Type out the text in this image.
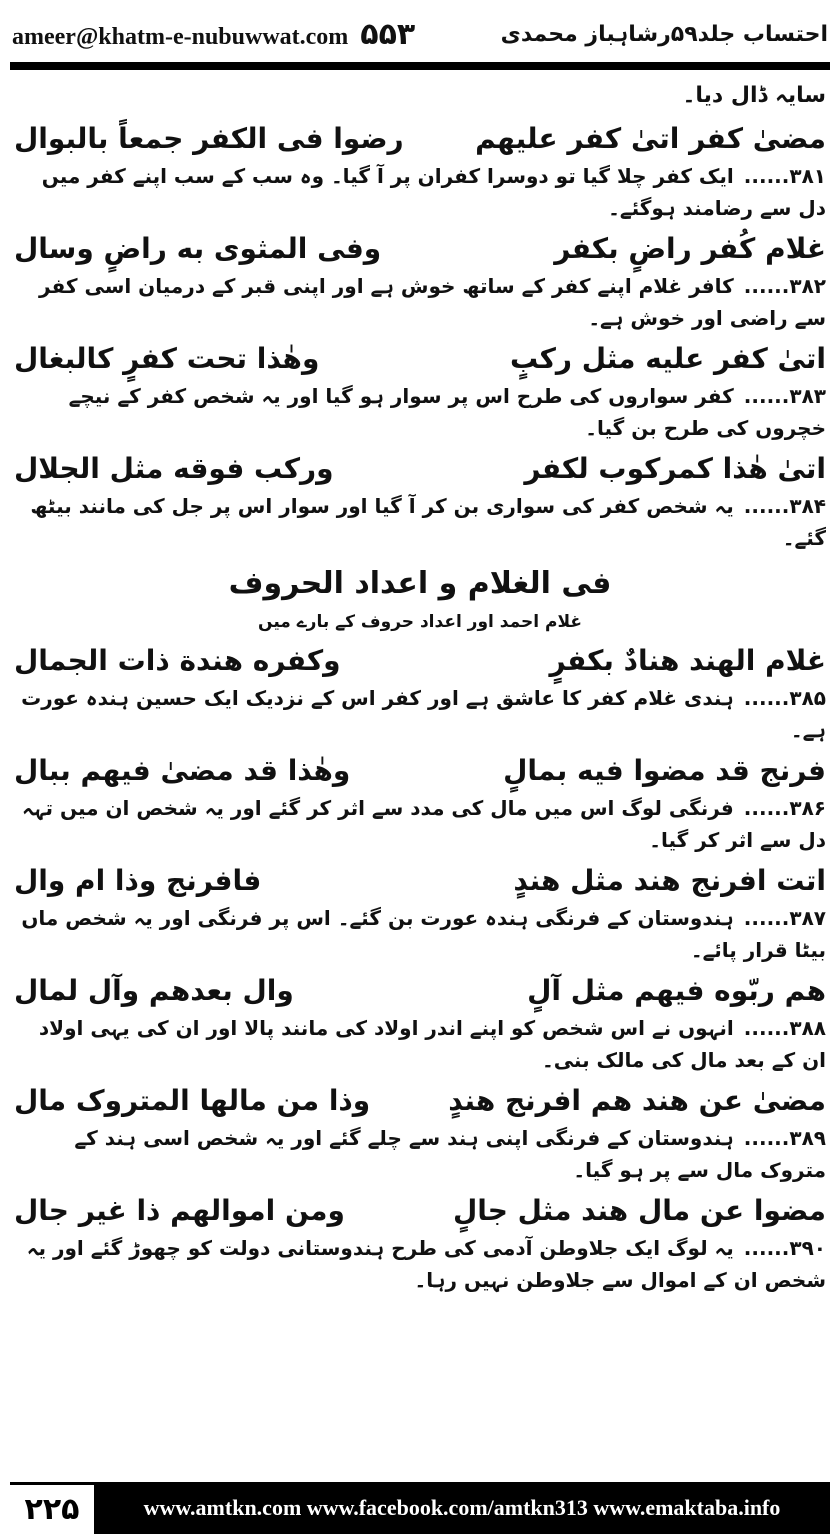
ameer@khatm-e-nubuwwat.com ۵۵۳	احتساب جلد۵۹رشاہباز محمدی
سایہ ڈال دیا۔
مضیٰ کفر اتیٰ کفر علیهم
رضوا فی الکفر جمعاً بالبوال
۳۸۱......ایک کفر چلا گیا تو دوسرا کفران پر آ گیا۔ وہ سب کے سب اپنے کفر میں دل سے رضامند ہوگئے۔
غلام کُفر راضٍ بکفر
وفی المثوی به راضٍ وسال
۳۸۲......کافر غلام اپنے کفر کے ساتھ خوش ہے اور اپنی قبر کے درمیان اسی کفر سے راضی اور خوش ہے۔
اتیٰ کفر علیه مثل رکبٍ
وهٰذا تحت کفرٍ کالبغال
۳۸۳......کفر سواروں کی طرح اس پر سوار ہو گیا اور یہ شخص کفر کے نیچے خچروں کی طرح بن گیا۔
اتیٰ هٰذا کمرکوب لکفر
ورکب فوقه مثل الجلال
۳۸۴......یہ شخص کفر کی سواری بن کر آ گیا اور سوار اس پر جل کی مانند بیٹھ گئے۔
فی الغلام و اعداد الحروف
غلام احمد اور اعداد حروف کے بارے میں
غلام الهند هنادٌ بکفرٍ
وکفره هندة ذات الجمال
۳۸۵......ہندی غلام کفر کا عاشق ہے اور کفر اس کے نزدیک ایک حسین ہندہ عورت ہے۔
فرنج قد مضوا فیه بمالٍ
وهٰذا قد مضیٰ فیهم ببال
۳۸۶......فرنگی لوگ اس میں مال کی مدد سے اثر کر گئے اور یہ شخص ان میں تہہ دل سے اثر کر گیا۔
اتت افرنج هند مثل هندٍ
فافرنج وذا ام وال
۳۸۷......ہندوستان کے فرنگی ہندہ عورت بن گئے۔ اس پر فرنگی اور یہ شخص ماں بیٹا قرار پائے۔
هم ربّوه فیهم مثل آلٍ
وال بعدهم وآل لمال
۳۸۸......انہوں نے اس شخص کو اپنے اندر اولاد کی مانند پالا اور ان کی یہی اولاد ان کے بعد مال کی مالک بنی۔
مضیٰ عن هند هم افرنج هندٍ
وذا من مالها المتروک مال
۳۸۹......ہندوستان کے فرنگی اپنی ہند سے چلے گئے اور یہ شخص اسی ہند کے متروک مال سے پر ہو گیا۔
مضوا عن مال هند مثل جالٍ
ومن اموالهم ذا غیر جال
۳۹۰......یہ لوگ ایک جلاوطن آدمی کی طرح ہندوستانی دولت کو چھوڑ گئے اور یہ شخص ان کے اموال سے جلاوطن نہیں رہا۔
۲۲۵	www.amtkn.com www.facebook.com/amtkn313 www.emaktaba.info
